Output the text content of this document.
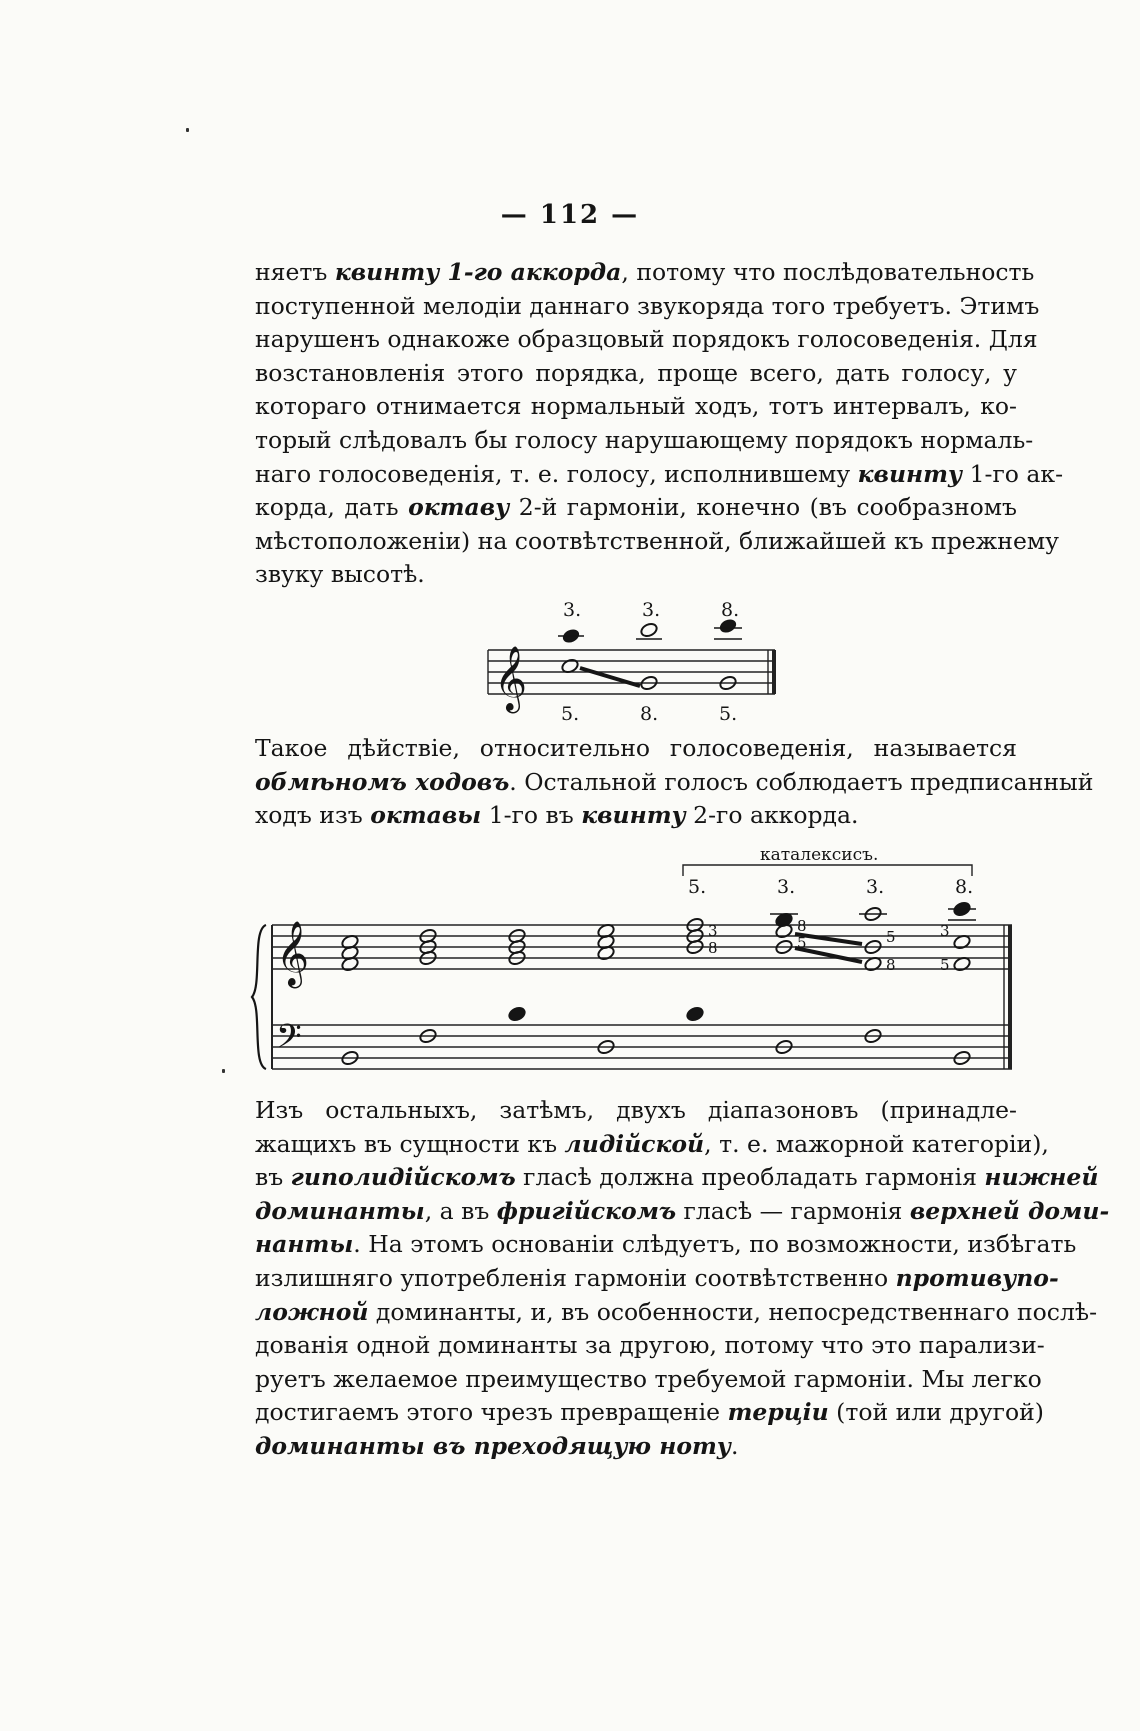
— 112 —
няетъ квинту 1-го аккорда, потому что послѣдовательность
поступенной мелодіи даннаго звукоряда того требуетъ. Этимъ
нарушенъ однакоже образцовый порядокъ голосоведенія. Для
возстановленія этого порядка, проще всего, дать голосу, у
котораго отнимается нормальный ходъ, тотъ интервалъ, ко-
торый слѣдовалъ бы голосу нарушающему порядокъ нормаль-
наго голосоведенія, т. е. голосу, исполнившему квинту 1-го ак-
корда, дать октаву 2-й гармоніи, конечно (въ сообразномъ
мѣстоположеніи) на соотвѣтственной, ближайшей къ прежнему
звуку высотѣ.
𝄞
3.	3.	8.
5.	8.	5.
Такое дѣйствіе, относительно голосоведенія, называется
обмѣномъ ходовъ. Остальной голосъ соблюдаетъ предписанный
ходъ изъ октавы 1-го въ квинту 2-го аккорда.
каталексисъ.
5.	3.	3.	8.
𝄞
𝄢
3
8
8
5	5
8
3
5
Изъ остальныхъ, затѣмъ, двухъ діапазоновъ (принадле-
жащихъ въ сущности къ лидійской, т. е. мажорной категоріи),
въ гиполидійскомъ гласѣ должна преобладать гармонія нижней
доминанты, а въ фригійскомъ гласѣ — гармонія верхней доми-
нанты. На этомъ основаніи слѣдуетъ, по возможности, избѣгать
излишняго употребленія гармоніи соотвѣтственно противупо-
ложной доминанты, и, въ особенности, непосредственнаго послѣ-
дованія одной доминанты за другою, потому что это парализи-
руетъ желаемое преимущество требуемой гармоніи. Мы легко
достигаемъ этого чрезъ превращеніе терціи (той или другой)
доминанты въ преходящую ноту.
